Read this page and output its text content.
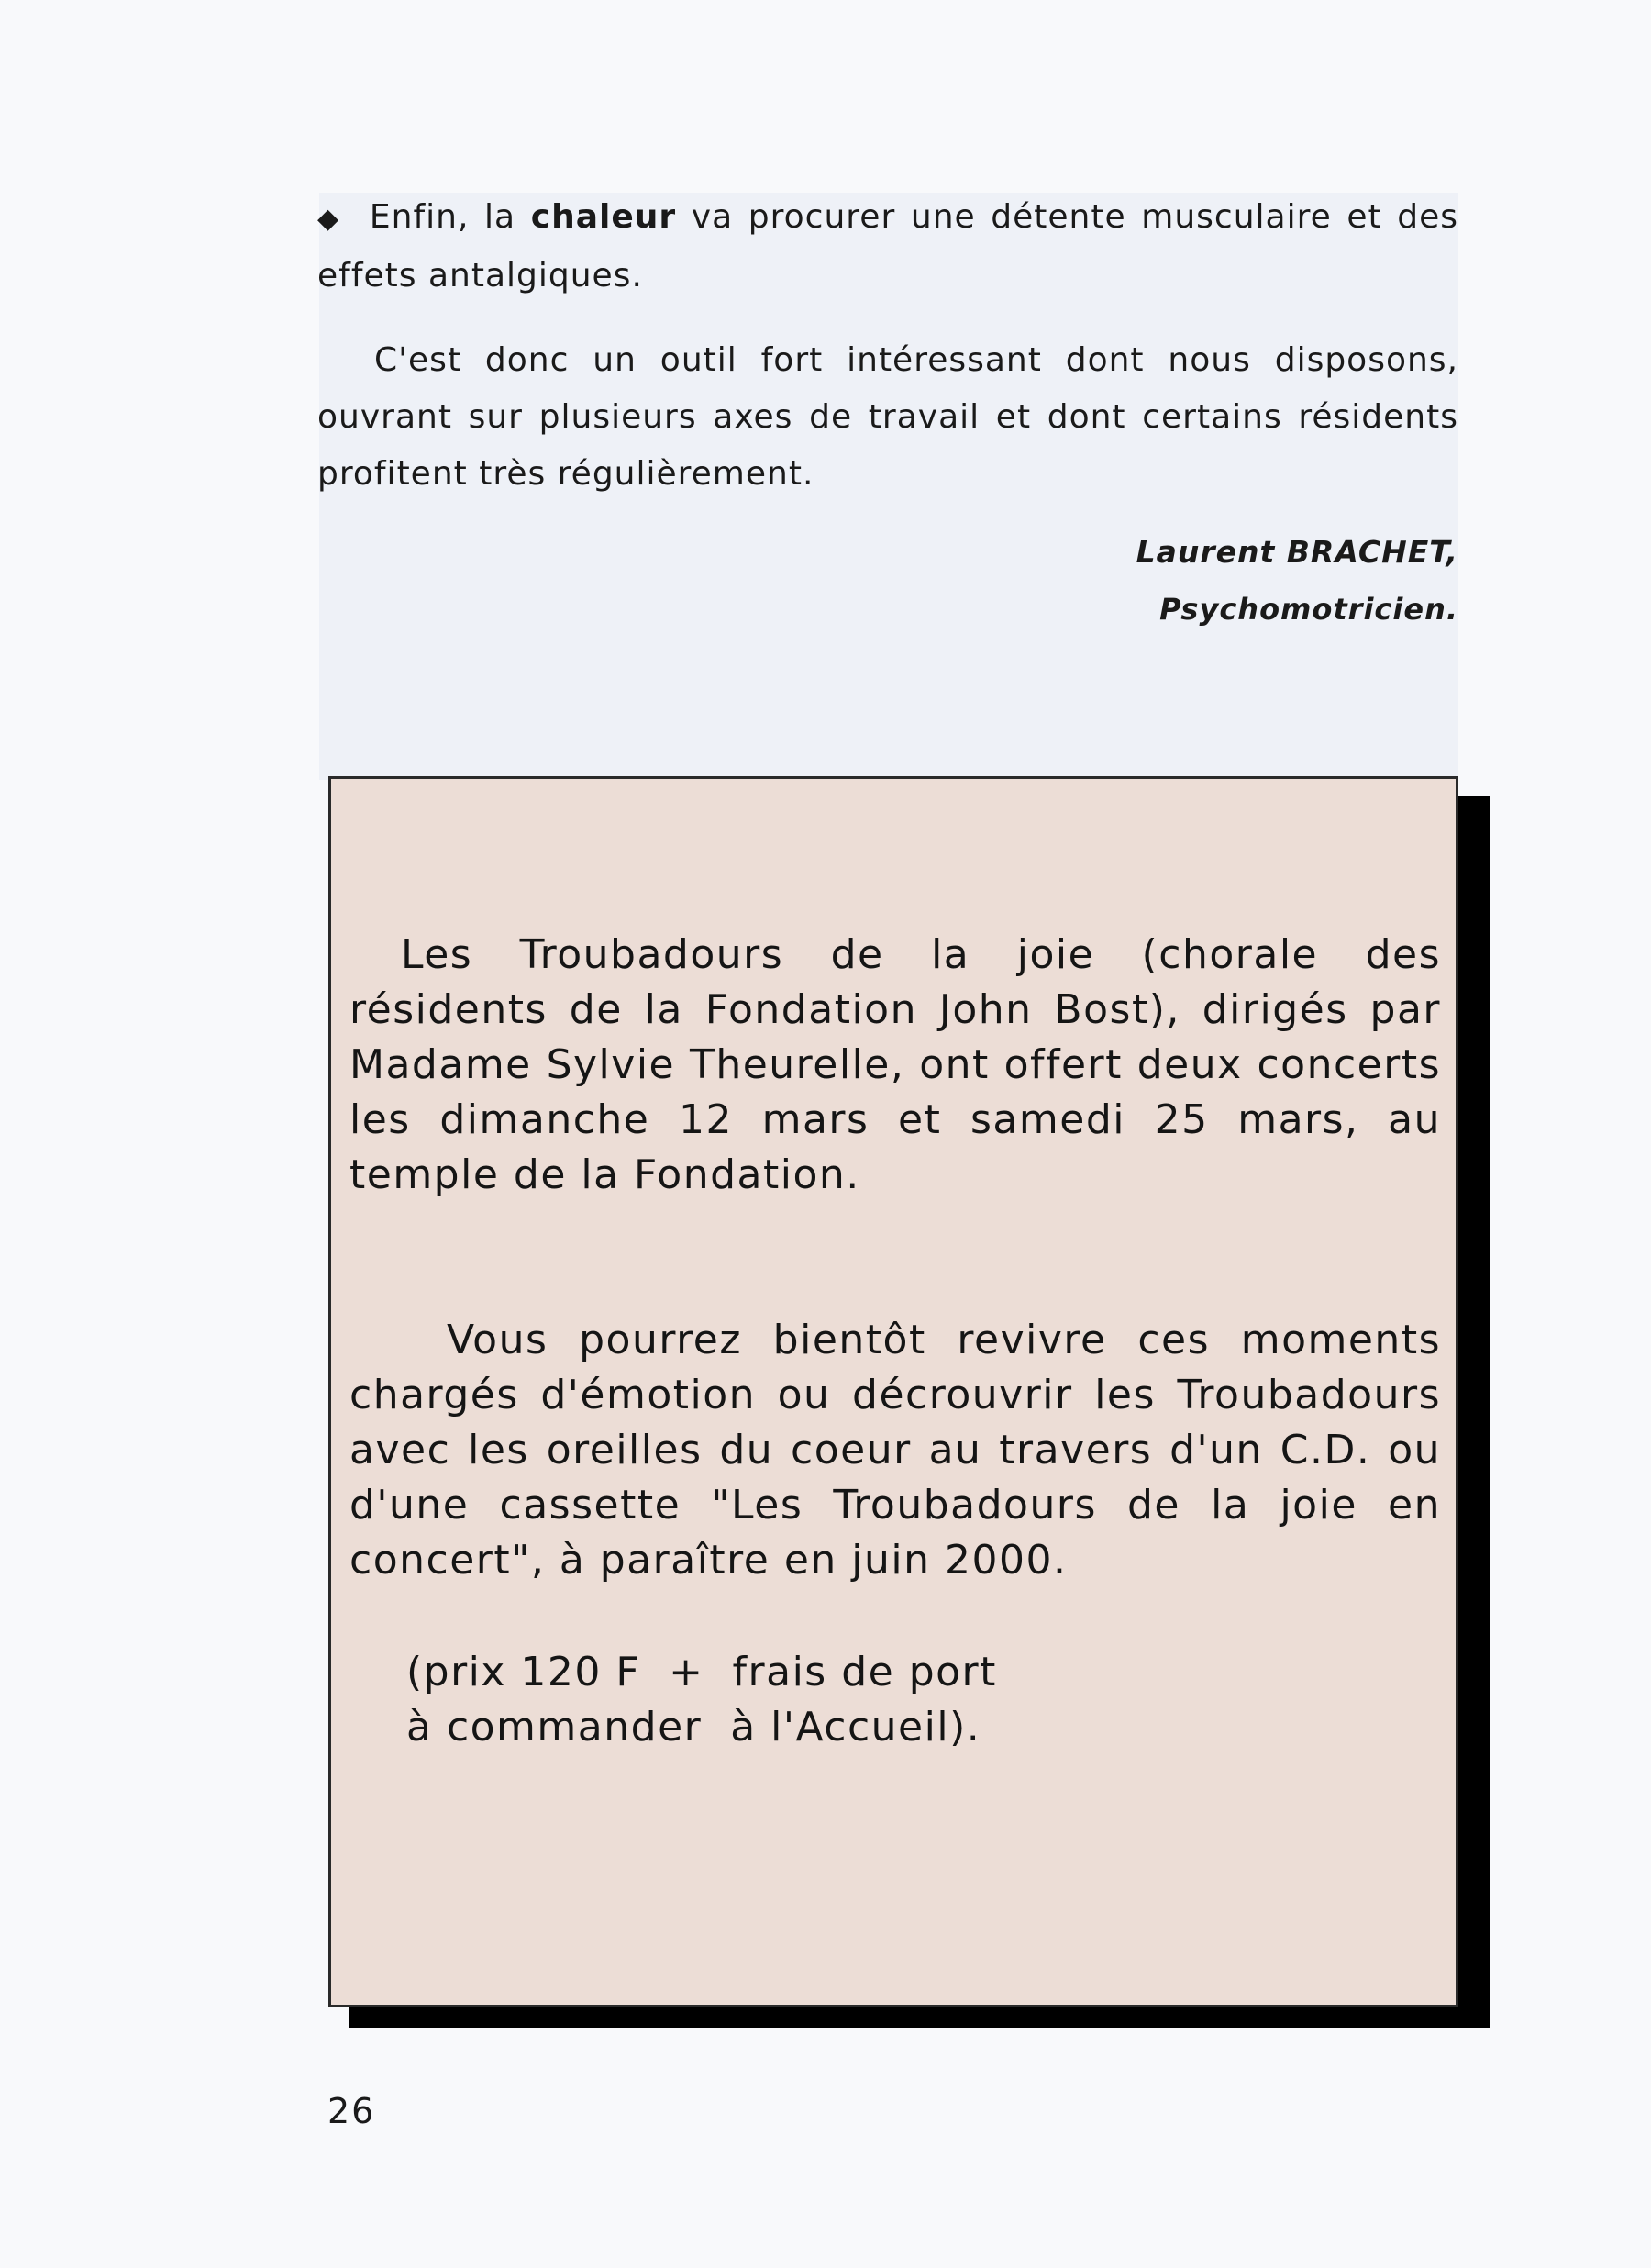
◆ Enfin, la chaleur va procurer une détente musculaire et des effets antalgiques.
C'est donc un outil fort intéressant dont nous disposons, ouvrant sur plusieurs axes de travail et dont certains résidents profitent très régulièrement.
Laurent BRACHET,
Psychomotricien.
Les Troubadours de la joie (chorale des résidents de la Fondation John Bost), dirigés par Madame Sylvie Theurelle, ont offert deux concerts les dimanche 12 mars et samedi 25 mars, au temple de la Fondation.
Vous pourrez bientôt revivre ces moments chargés d'émotion ou décrouvrir les Troubadours avec les oreilles du coeur au travers d'un C.D. ou d'une cassette "Les Troubadours de la joie en concert", à paraître en juin 2000.
(prix 120 F  +  frais de port
à commander  à l'Accueil).
26
